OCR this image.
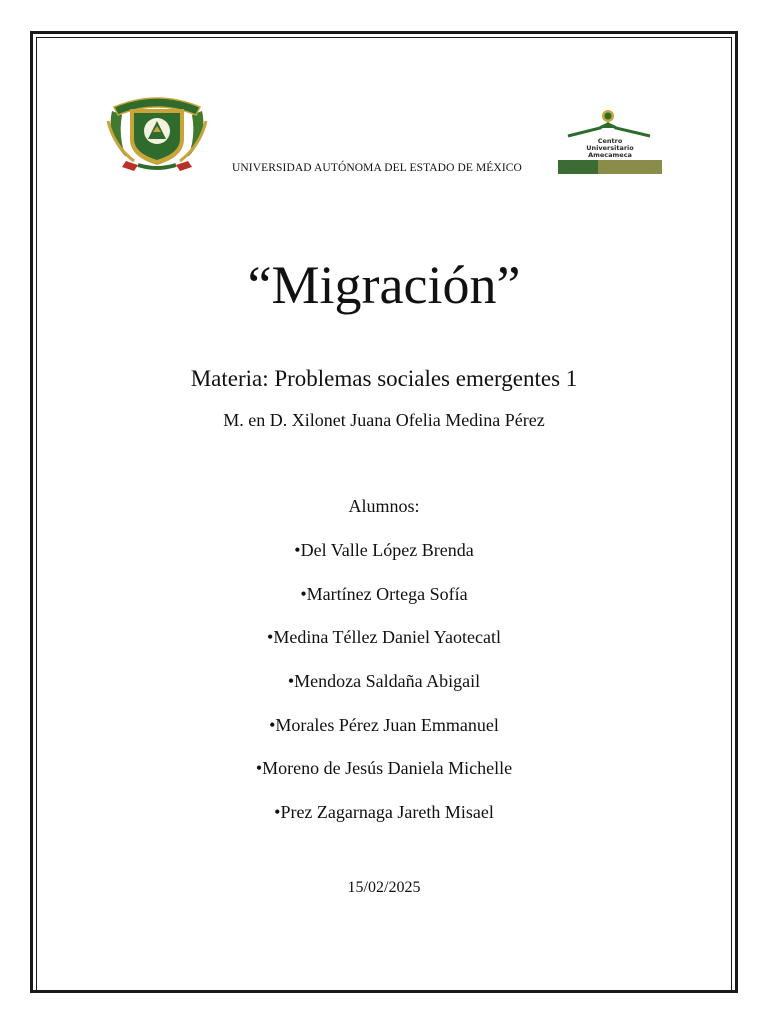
UNIVERSIDAD AUTÓNOMA DEL ESTADO DE MÉXICO
Centro
Universitario
Amecameca
“Migración”
Materia: Problemas sociales emergentes 1
M. en D. Xilonet Juana Ofelia Medina Pérez
Alumnos:
•Del Valle López Brenda
•Martínez Ortega Sofía
•Medina Téllez Daniel Yaotecatl
•Mendoza Saldaña Abigail
•Morales Pérez Juan Emmanuel
•Moreno de Jesús Daniela Michelle
•Prez Zagarnaga Jareth Misael
15/02/2025
